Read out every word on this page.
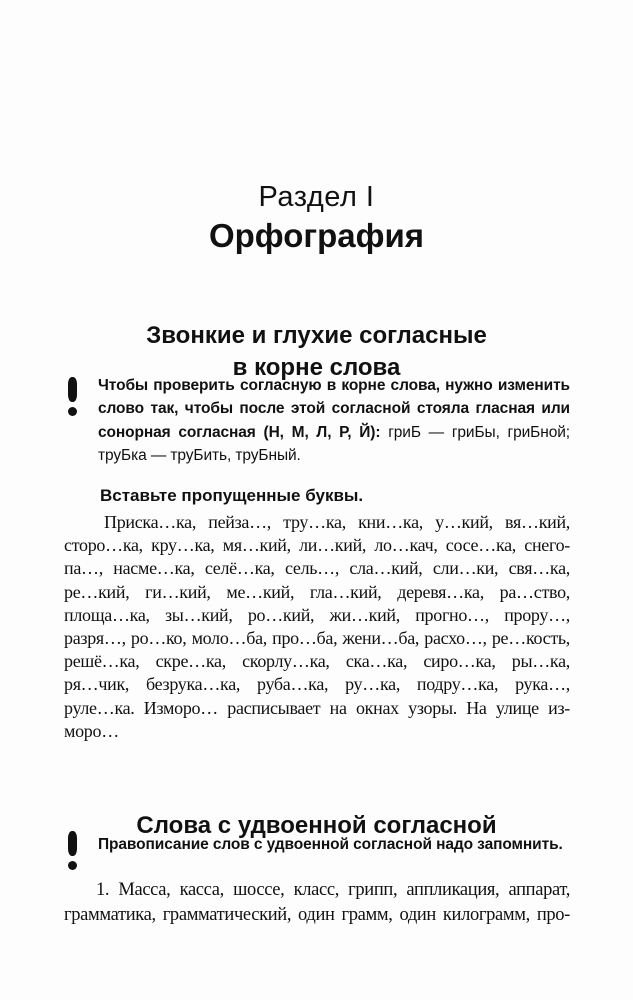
Раздел I
Орфография
Звонкие и глухие согласные
в корне слова
Чтобы проверить согласную в корне слова, нужно изменить
слово так, чтобы после этой согласной стояла гласная или
сонорная согласная (Н, М, Л, Р, Й): гриБ — гриБы, гриБной;
труБка — труБить, труБный.
Вставьте пропущенные буквы.
Приска…ка, пейза…, тру…ка, кни…ка, у…кий, вя…кий,
сторо…ка, кру…ка, мя…кий, ли…кий, ло…кач, сосе…ка, снего-
па…, насме…ка, селё…ка, сель…, сла…кий, сли…ки, свя…ка,
ре…кий, ги…кий, ме…кий, гла…кий, деревя…ка, ра…ство,
площа…ка, зы…кий, ро…кий, жи…кий, прогно…, прору…,
разря…, ро…ко, моло…ба, про…ба, жени…ба, расхо…, ре…кость,
решё…ка, скре…ка, скорлу…ка, ска…ка, сиро…ка, ры…ка,
ря…чик, безрука…ка, руба…ка, ру…ка, подру…ка, рука…,
руле…ка. Изморо… расписывает на окнах узоры. На улице из-
моро…
Слова с удвоенной согласной
Правописание слов с удвоенной согласной надо запомнить.
1. Масса, касса, шоссе, класс, грипп, аппликация, аппарат,
грамматика, грамматический, один грамм, один килограмм, про-
